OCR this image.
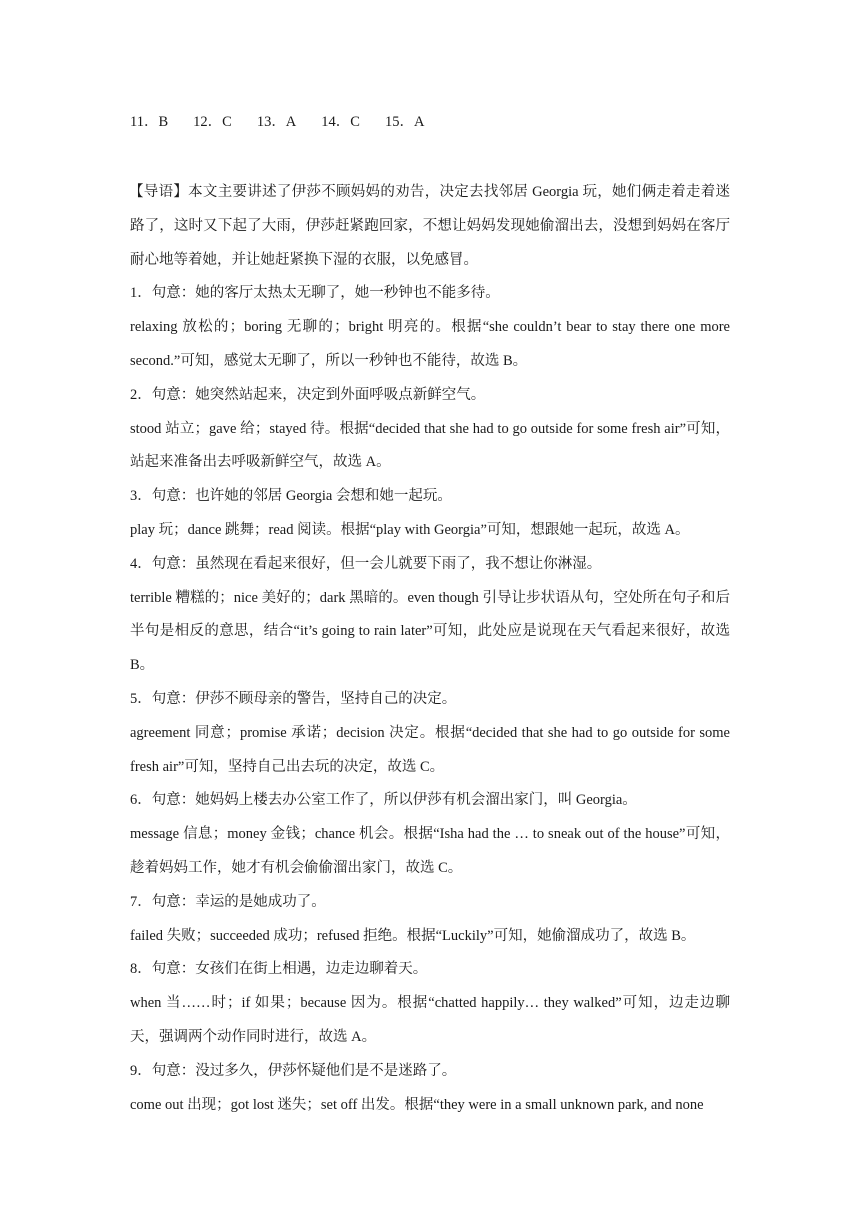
11．B 12．C 13．A 14．C 15．A

【导语】本文主要讲述了伊莎不顾妈妈的劝告，决定去找邻居 Georgia 玩，她们俩走着走着迷路了，这时又下起了大雨，伊莎赶紧跑回家，不想让妈妈发现她偷溜出去，没想到妈妈在客厅耐心地等着她，并让她赶紧换下湿的衣服，以免感冒。

1．句意：她的客厅太热太无聊了，她一秒钟也不能多待。

relaxing 放松的；boring 无聊的；bright 明亮的。根据“she couldn’t bear to stay there one more second.”可知，感觉太无聊了，所以一秒钟也不能待，故选 B。

2．句意：她突然站起来，决定到外面呼吸点新鲜空气。

stood 站立；gave 给；stayed 待。根据“decided that she had to go outside for some fresh air”可知，站起来准备出去呼吸新鲜空气，故选 A。

3．句意：也许她的邻居 Georgia 会想和她一起玩。

play 玩；dance 跳舞；read 阅读。根据“play with Georgia”可知，想跟她一起玩，故选 A。

4．句意：虽然现在看起来很好，但一会儿就要下雨了，我不想让你淋湿。

terrible 糟糕的；nice 美好的；dark 黑暗的。even though 引导让步状语从句，空处所在句子和后半句是相反的意思，结合“it’s going to rain later”可知，此处应是说现在天气看起来很好，故选 B。

5．句意：伊莎不顾母亲的警告，坚持自己的决定。

agreement 同意；promise 承诺；decision 决定。根据“decided that she had to go outside for some fresh air”可知，坚持自己出去玩的决定，故选 C。

6．句意：她妈妈上楼去办公室工作了，所以伊莎有机会溜出家门，叫 Georgia。

message 信息；money 金钱；chance 机会。根据“Isha had the … to sneak out of the house”可知，趁着妈妈工作，她才有机会偷偷溜出家门，故选 C。

7．句意：幸运的是她成功了。

failed 失败；succeeded 成功；refused 拒绝。根据“Luckily”可知，她偷溜成功了，故选 B。

8．句意：女孩们在街上相遇，边走边聊着天。

when 当……时；if 如果；because 因为。根据“chatted happily… they walked”可知，边走边聊天，强调两个动作同时进行，故选 A。

9．句意：没过多久，伊莎怀疑他们是不是迷路了。

come out 出现；got lost 迷失；set off 出发。根据“they were in a small unknown park, and none
